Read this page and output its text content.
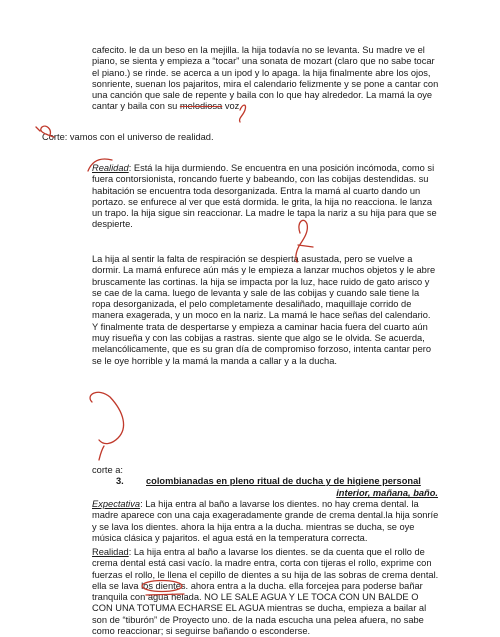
cafecito. le da un beso en la mejilla. la hija todavía no se levanta. Su madre ve el
piano, se sienta y empieza a “tocar” una sonata de mozart (claro que no sabe tocar
el piano.) se rinde. se acerca a un ipod y lo apaga. la hija finalmente abre los ojos,
sonriente, suenan los pajaritos, mira el calendario felizmente y se pone a cantar con
una canción que sale de repente y baila con lo que hay alrededor. La mamá la oye
cantar y baila con su melodiosa voz.
Corte: vamos con el universo de realidad.
Realidad: Está la hija durmiendo. Se encuentra en una posición incómoda, como si
fuera contorsionista, roncando fuerte y babeando, con las cobijas destendidas. su
habitación se encuentra toda desorganizada. Entra la mamá al cuarto dando un
portazo. se enfurece al ver que está dormida. le grita, la hija no reacciona. le lanza
un trapo. la hija sigue sin reaccionar. La madre le tapa la nariz a su hija para que se
despierte.
La hija al sentir la falta de respiración se despierta asustada, pero se vuelve a
dormir. La mamá enfurece aún más y le empieza a lanzar muchos objetos y le abre
bruscamente las cortinas. la hija se impacta por la luz, hace ruido de gato arisco y
se cae de la cama. luego de levanta y sale de las cobijas y cuando sale tiene la
ropa desorganizada, el pelo completamente desaliñado, maquillaje corrido de
manera exagerada, y un moco en la nariz. La mamá le hace señas del calendario.
Y finalmente trata de despertarse y empieza a caminar hacia fuera del cuarto aún
muy risueña y con las cobijas a rastras. siente que algo se le olvida. Se acuerda,
melancólicamente, que es su gran día de compromiso forzoso, intenta cantar pero
se le oye horrible y la mamá la manda a callar y a la ducha.
corte a:
3. colombianadas en pleno ritual de ducha y de higiene personal
interior, mañana, baño.
Expectativa: La hija entra al baño a lavarse los dientes. no hay crema dental. la
madre aparece con una caja exageradamente grande de crema dental.la hija sonríe
y se lava los dientes. ahora la hija entra a la ducha. mientras se ducha, se oye
música clásica y pajaritos. el agua está en la temperatura correcta.
Realidad: La hija entra al baño a lavarse los dientes. se da cuenta que el rollo de
crema dental está casi vacío. la madre entra, corta con tijeras el rollo, exprime con
fuerzas el rollo, le llena el cepillo de dientes a su hija de las sobras de crema dental.
ella se lava los dientes. ahora entra a la ducha. ella forcejea para poderse bañar
tranquila con agua helada. NO LE SALE AGUA Y LE TOCA CON UN BALDE O
CON UNA TOTUMA ECHARSE EL AGUA mientras se ducha, empieza a bailar al
son de “tiburón” de Proyecto uno. de la nada escucha una pelea afuera, no sabe
como reaccionar; si seguirse bañando o esconderse.
